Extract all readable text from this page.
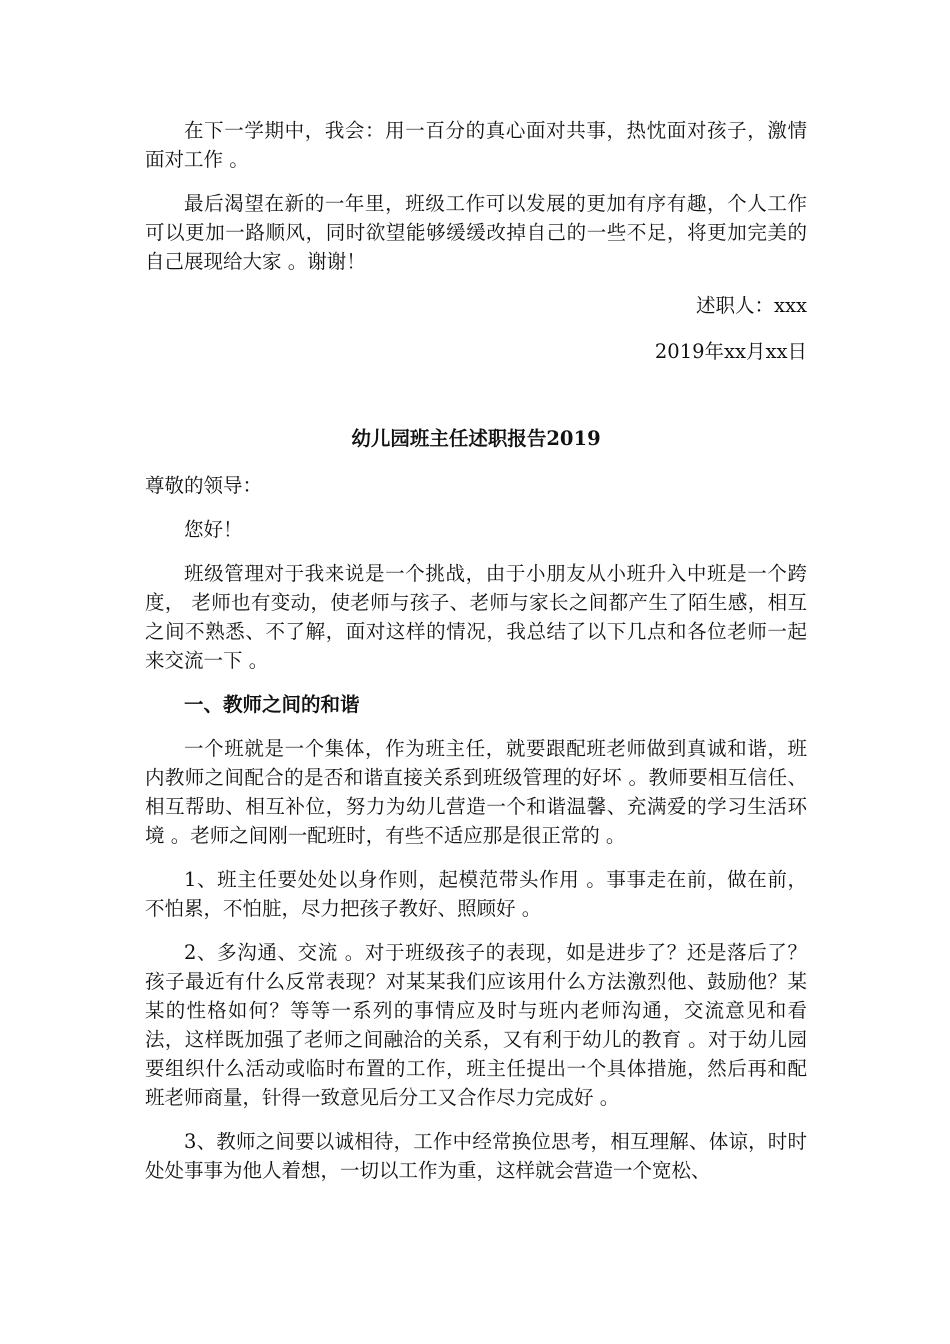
在下一学期中，我会：用一百分的真心面对共事，热忱面对孩子，激情面对工作 。

最后渴望在新的一年里，班级工作可以发展的更加有序有趣，个人工作可以更加一路顺风，同时欲望能够缓缓改掉自己的一些不足，将更加完美的自己展现给大家 。谢谢！

述职人：xxx

2019年xx月xx日

幼儿园班主任述职报告2019

尊敬的领导：

您好！

班级管理对于我来说是一个挑战，由于小朋友从小班升入中班是一个跨度， 老师也有变动，使老师与孩子、老师与家长之间都产生了陌生感，相互之间不熟悉、不了解，面对这样的情况，我总结了以下几点和各位老师一起来交流一下 。

一、教师之间的和谐

一个班就是一个集体，作为班主任，就要跟配班老师做到真诚和谐，班内教师之间配合的是否和谐直接关系到班级管理的好坏 。教师要相互信任、相互帮助、相互补位，努力为幼儿营造一个和谐温馨、充满爱的学习生活环境 。老师之间刚一配班时，有些不适应那是很正常的 。

1、班主任要处处以身作则，起模范带头作用 。事事走在前，做在前，不怕累，不怕脏，尽力把孩子教好、照顾好 。

2、多沟通、交流 。对于班级孩子的表现，如是进步了？还是落后了？孩子最近有什么反常表现？对某某我们应该用什么方法激烈他、鼓励他？某某的性格如何？等等一系列的事情应及时与班内老师沟通，交流意见和看法，这样既加强了老师之间融洽的关系，又有利于幼儿的教育 。对于幼儿园要组织什么活动或临时布置的工作，班主任提出一个具体措施，然后再和配班老师商量，针得一致意见后分工又合作尽力完成好 。

3、教师之间要以诚相待，工作中经常换位思考，相互理解、体谅，时时处处事事为他人着想，一切以工作为重，这样就会营造一个宽松、
